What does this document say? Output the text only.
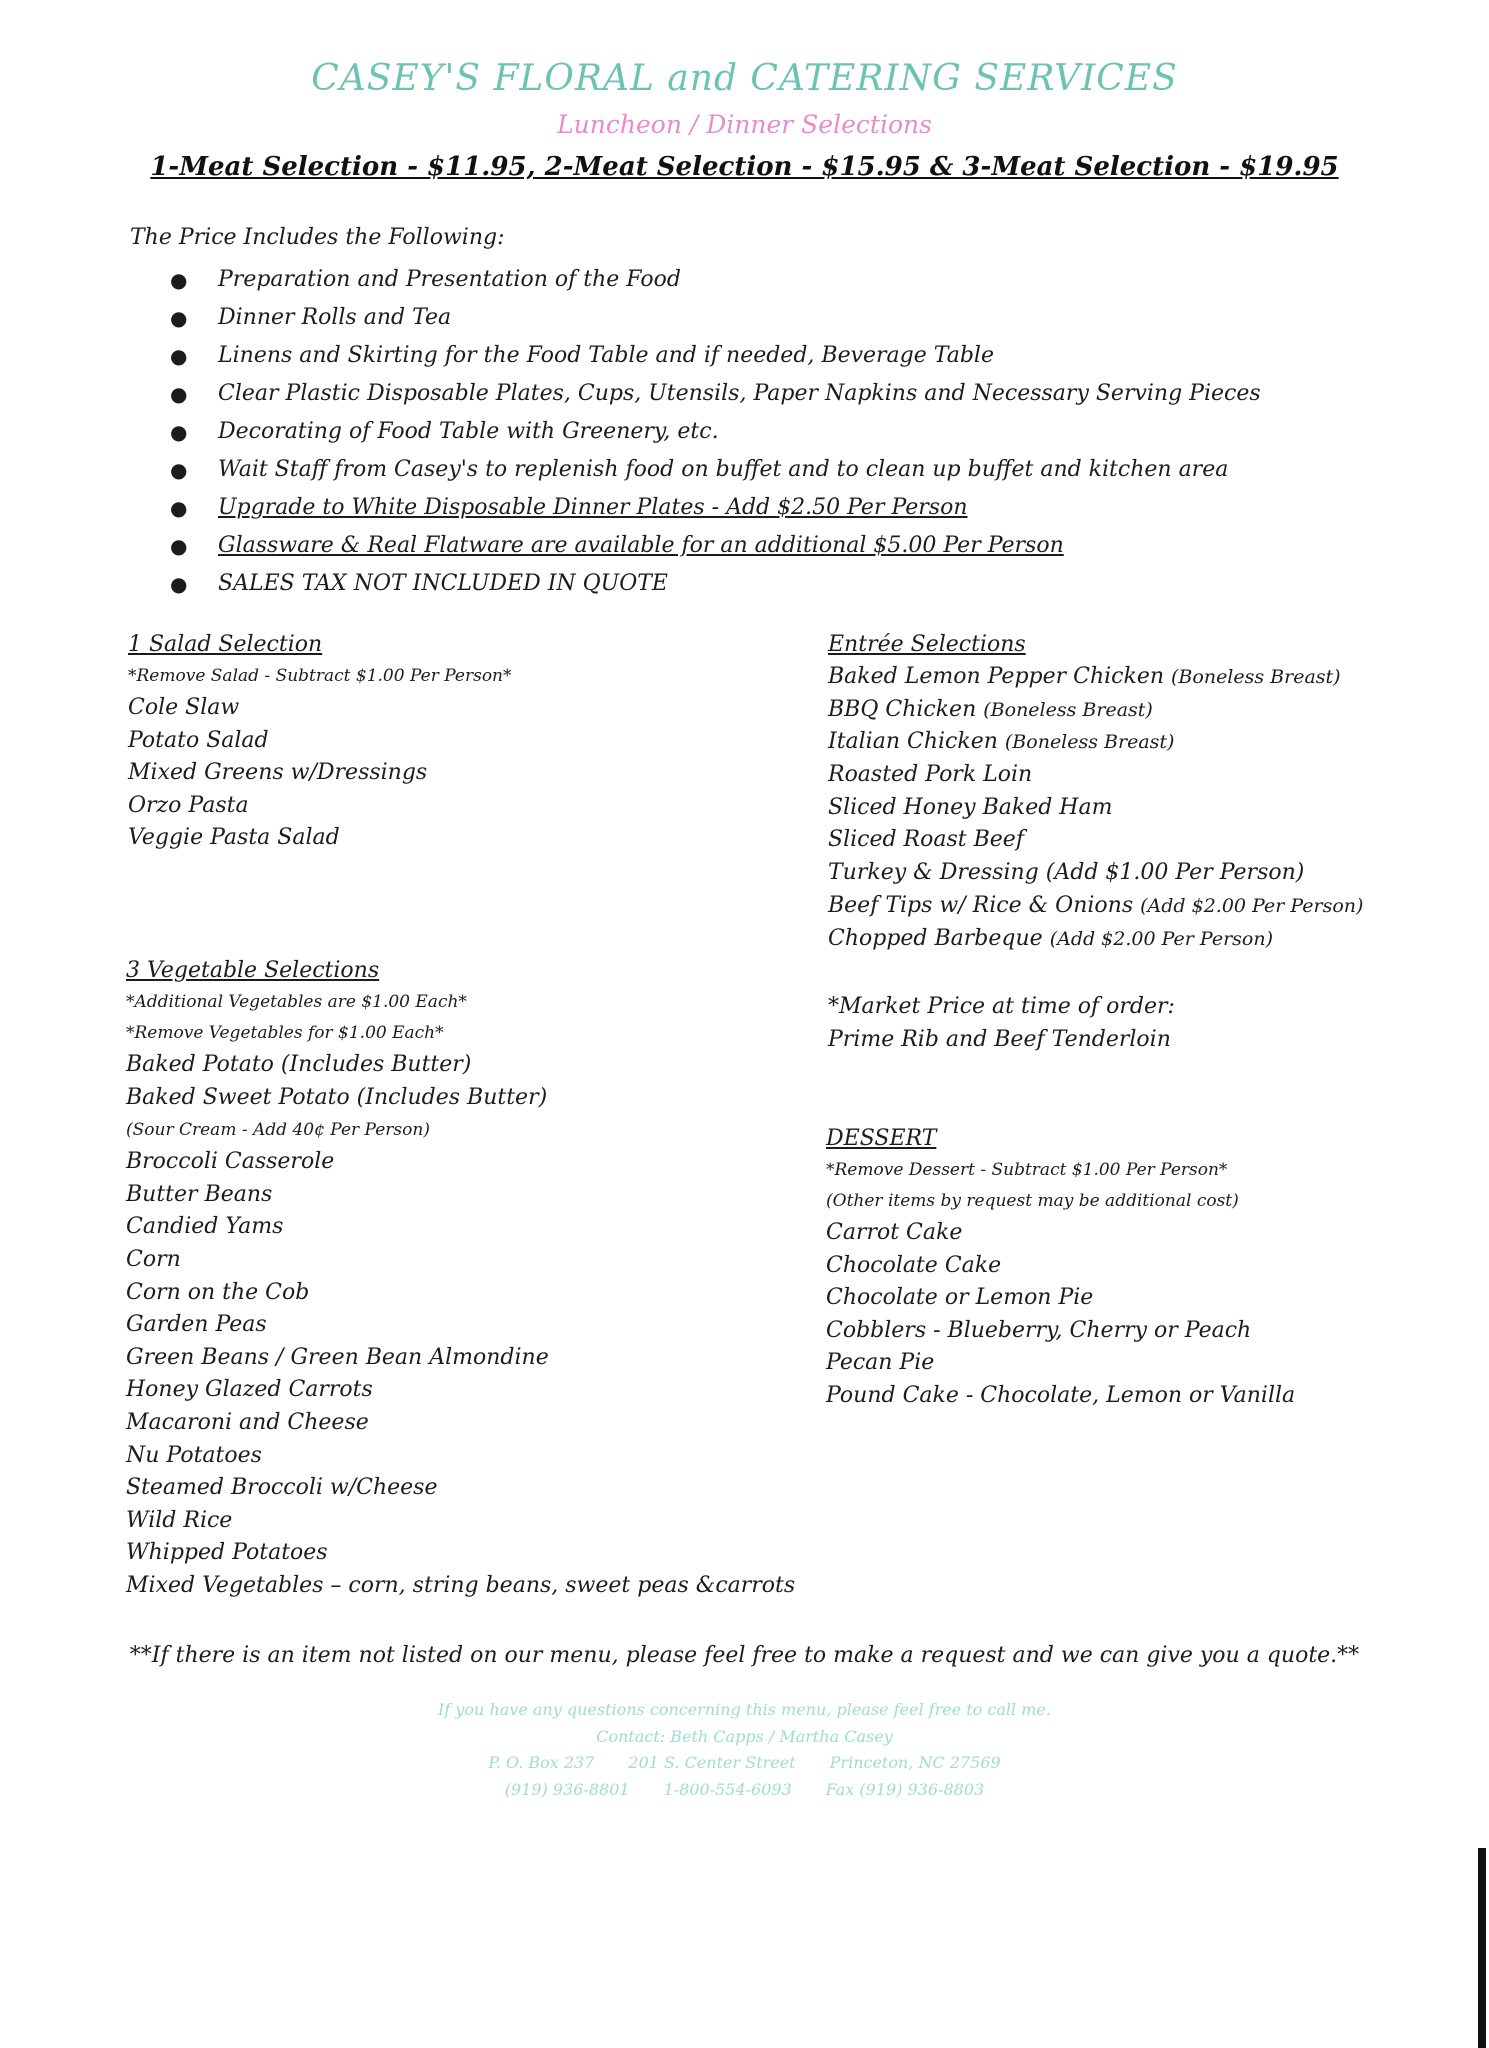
CASEY'S FLORAL and CATERING SERVICES
Luncheon / Dinner Selections
1-Meat Selection - $11.95, 2-Meat Selection - $15.95 & 3-Meat Selection - $19.95
The Price Includes the Following:
● Preparation and Presentation of the Food
● Dinner Rolls and Tea
● Linens and Skirting for the Food Table and if needed, Beverage Table
● Clear Plastic Disposable Plates, Cups, Utensils, Paper Napkins and Necessary Serving Pieces
● Decorating of Food Table with Greenery, etc.
● Wait Staff from Casey's to replenish food on buffet and to clean up buffet and kitchen area
● Upgrade to White Disposable Dinner Plates - Add $2.50 Per Person
● Glassware & Real Flatware are available for an additional $5.00 Per Person
● SALES TAX NOT INCLUDED IN QUOTE
1 Salad Selection
*Remove Salad - Subtract $1.00 Per Person*
Cole Slaw
Potato Salad
Mixed Greens w/Dressings
Orzo Pasta
Veggie Pasta Salad
Entrée Selections
Baked Lemon Pepper Chicken (Boneless Breast)
BBQ Chicken (Boneless Breast)
Italian Chicken (Boneless Breast)
Roasted Pork Loin
Sliced Honey Baked Ham
Sliced Roast Beef
Turkey & Dressing (Add $1.00 Per Person)
Beef Tips w/ Rice & Onions (Add $2.00 Per Person)
Chopped Barbeque (Add $2.00 Per Person)
*Market Price at time of order:
Prime Rib and Beef Tenderloin
3 Vegetable Selections
*Additional Vegetables are $1.00 Each*
*Remove Vegetables for $1.00 Each*
Baked Potato (Includes Butter)
Baked Sweet Potato (Includes Butter)
(Sour Cream - Add 40¢ Per Person)
Broccoli Casserole
Butter Beans
Candied Yams
Corn
Corn on the Cob
Garden Peas
Green Beans / Green Bean Almondine
Honey Glazed Carrots
Macaroni and Cheese
Nu Potatoes
Steamed Broccoli w/Cheese
Wild Rice
Whipped Potatoes
Mixed Vegetables – corn, string beans, sweet peas &carrots
DESSERT
*Remove Dessert - Subtract $1.00 Per Person*
(Other items by request may be additional cost)
Carrot Cake
Chocolate Cake
Chocolate or Lemon Pie
Cobblers - Blueberry, Cherry or Peach
Pecan Pie
Pound Cake - Chocolate, Lemon or Vanilla
**If there is an item not listed on our menu, please feel free to make a request and we can give you a quote.**
If you have any questions concerning this menu, please feel free to call me.
Contact: Beth Capps / Martha Casey
P. O. Box 237 201 S. Center Street Princeton, NC 27569
(919) 936-8801 1-800-554-6093 Fax (919) 936-8803
